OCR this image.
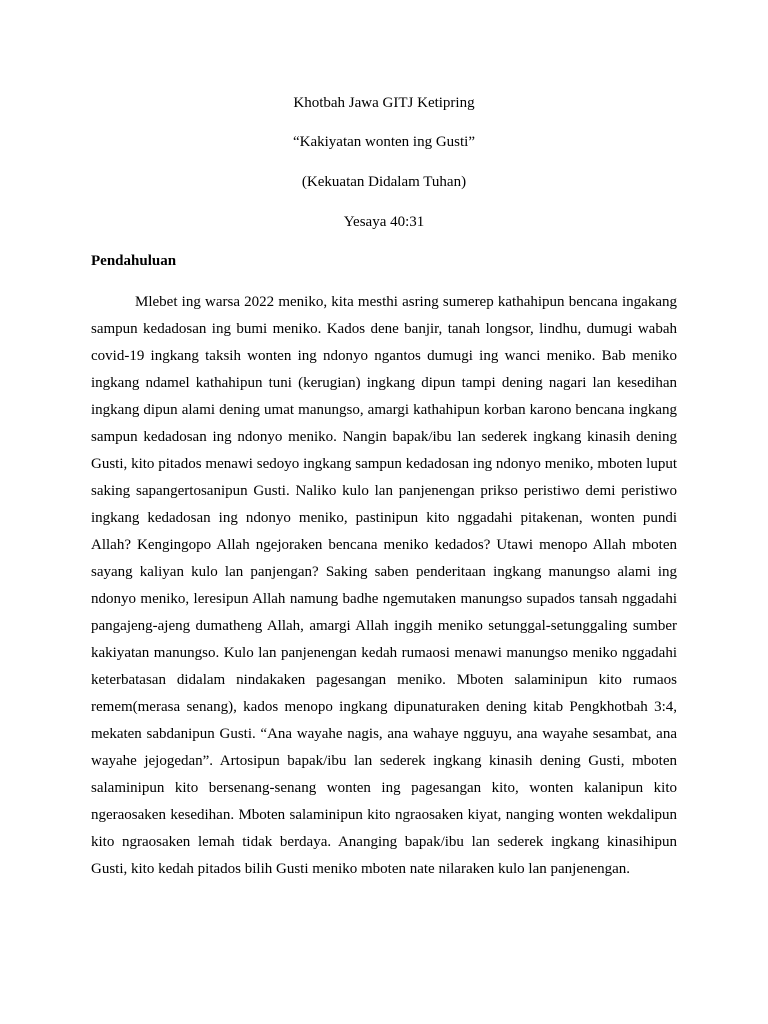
Khotbah Jawa GITJ Ketipring
“Kakiyatan wonten ing Gusti”
(Kekuatan Didalam Tuhan)
Yesaya 40:31
Pendahuluan

Mlebet ing warsa 2022 meniko, kita mesthi asring sumerep kathahipun bencana ingakang sampun kedadosan ing bumi meniko. Kados dene banjir, tanah longsor, lindhu, dumugi wabah covid-19 ingkang taksih wonten ing ndonyo ngantos dumugi ing wanci meniko. Bab meniko ingkang ndamel kathahipun tuni (kerugian) ingkang dipun tampi dening nagari lan kesedihan ingkang dipun alami dening umat manungso, amargi kathahipun korban karono bencana ingkang sampun kedadosan ing ndonyo meniko. Nangin bapak/ibu lan sederek ingkang kinasih dening Gusti, kito pitados menawi sedoyo ingkang sampun kedadosan ing ndonyo meniko, mboten luput saking sapangertosanipun Gusti. Naliko kulo lan panjenengan prikso peristiwo demi peristiwo ingkang kedadosan ing ndonyo meniko, pastinipun kito nggadahi pitakenan, wonten pundi Allah? Kengingopo Allah ngejoraken bencana meniko kedados? Utawi menopo Allah mboten sayang kaliyan kulo lan panjengan? Saking saben penderitaan ingkang manungso alami ing ndonyo meniko, leresipun Allah namung badhe ngemutaken manungso supados tansah nggadahi pangajeng-ajeng dumatheng Allah, amargi Allah inggih meniko setunggal-setunggaling sumber kakiyatan manungso. Kulo lan panjenengan kedah rumaosi menawi manungso meniko nggadahi keterbatasan didalam nindakaken pagesangan meniko. Mboten salaminipun kito rumaos remem(merasa senang), kados menopo ingkang dipunaturaken dening kitab Pengkhotbah 3:4, mekaten sabdanipun Gusti. “Ana wayahe nagis, ana wahaye ngguyu, ana wayahe sesambat, ana wayahe jejogedan”. Artosipun bapak/ibu lan sederek ingkang kinasih dening Gusti, mboten salaminipun kito bersenang-senang wonten ing pagesangan kito, wonten kalanipun kito ngeraosaken kesedihan. Mboten salaminipun kito ngraosaken kiyat, nanging wonten wekdalipun kito ngraosaken lemah tidak berdaya. Ananging bapak/ibu lan sederek ingkang kinasihipun Gusti, kito kedah pitados bilih Gusti meniko mboten nate nilaraken kulo lan panjenengan.
